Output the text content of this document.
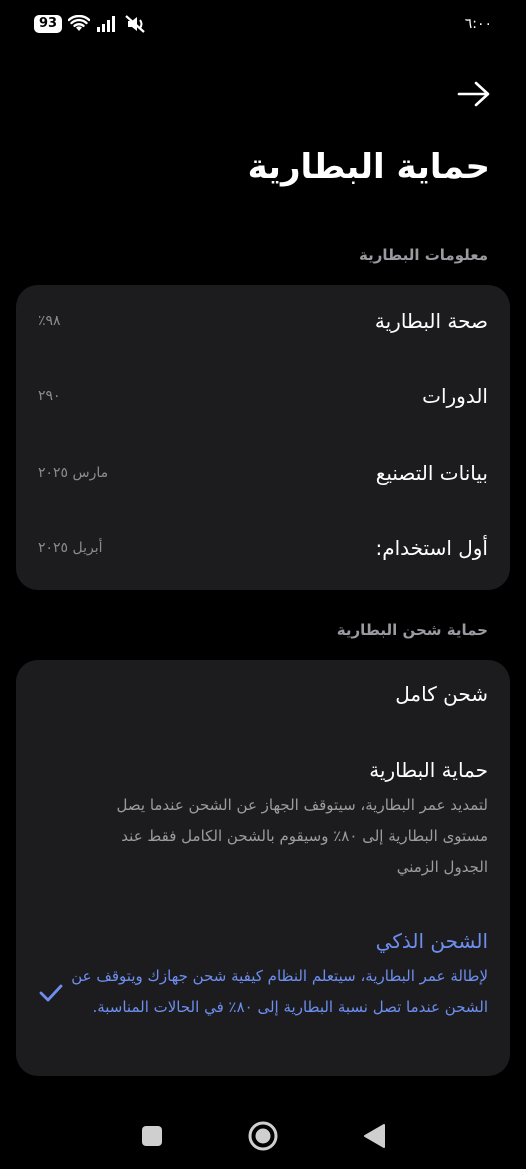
93	٦:٠٠
حماية البطارية
معلومات البطارية
صحة البطارية
٩٨٪
الدورات
٢٩٠
بيانات التصنيع
مارس ٢٠٢٥
أول استخدام:
أبريل ٢٠٢٥
حماية شحن البطارية
شحن كامل
حماية البطارية
لتمديد عمر البطارية، سيتوقف الجهاز عن الشحن عندما يصل مستوى البطارية إلى ٨٠٪ وسيقوم بالشحن الكامل فقط عند الجدول الزمني
الشحن الذكي
لإطالة عمر البطارية، سيتعلم النظام كيفية شحن جهازك ويتوقف عن الشحن عندما تصل نسبة البطارية إلى ٨٠٪ في الحالات المناسبة.
